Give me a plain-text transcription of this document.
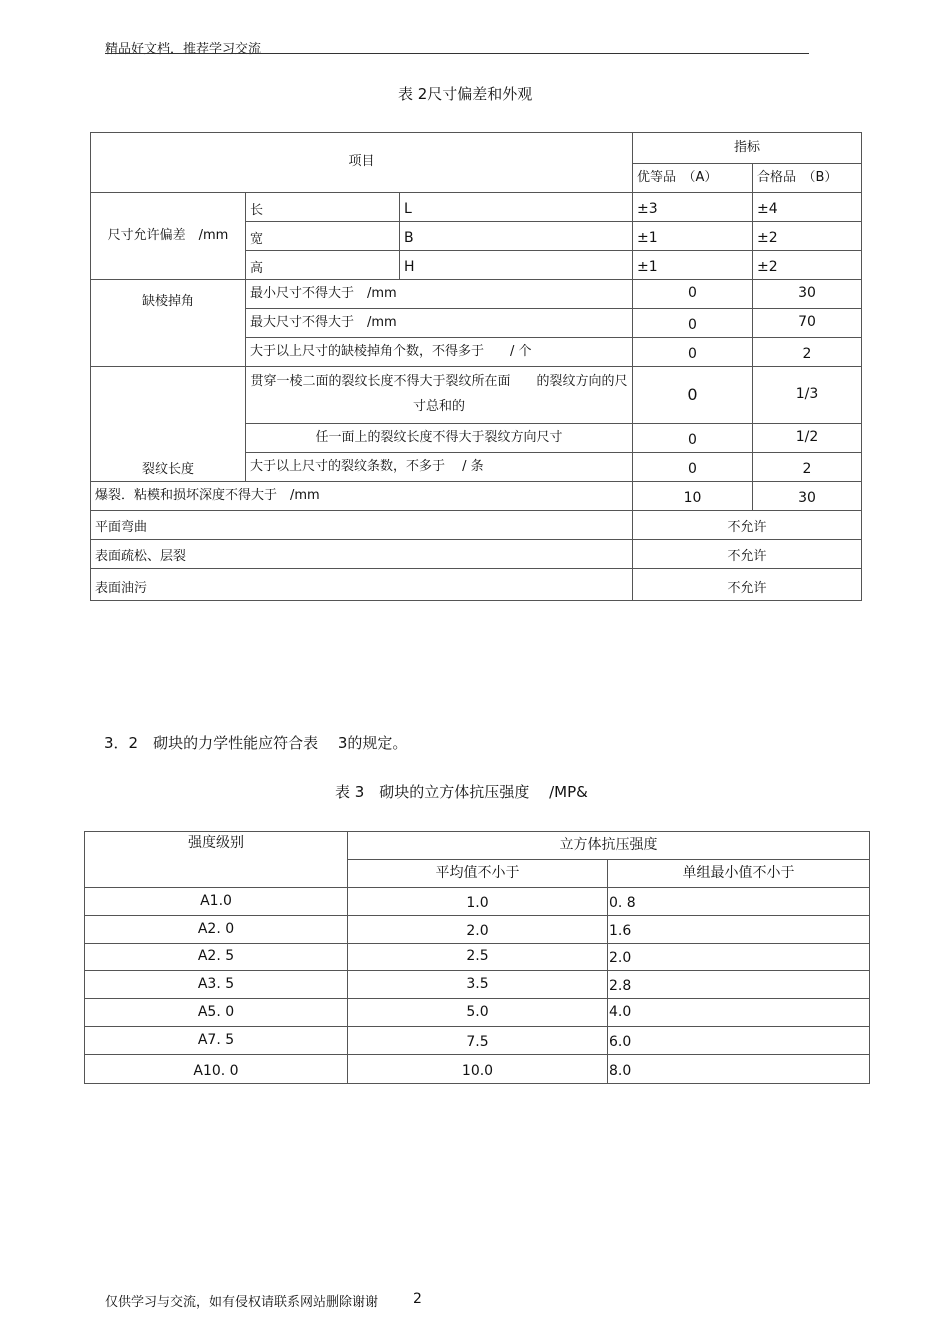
精品好文档．推荐学习交流
表 2尺寸偏差和外观
项目			指标	
			优等品　（A）	合格品　（B）
尺寸允许偏差　/mm	长	L	±3	±4
	宽	B	±1	±2
	高	H	±1	±2
缺棱掉角	最小尺寸不得大于　/mm		0	30
	最大尺寸不得大于　/mm		0	70
	大于以上尺寸的缺棱掉角个数，不得多于　　/ 个		0	2
裂纹长度	贯穿一棱二面的裂纹长度不得大于裂纹所在面　　的裂纹方向的尺寸总和的		0	1/3
	任一面上的裂纹长度不得大于裂纹方向尺寸		0	1/2
	大于以上尺寸的裂纹条数，不多于　 / 条		0	2
爆裂．粘模和损坏深度不得大于　/mm			10	30
平面弯曲			不允许	
表面疏松、层裂			不允许	
表面油污			不允许	
3．2　砌块的力学性能应符合表　 3的规定。
表 3　砌块的立方体抗压强度　 /MP&
强度级别	立方体抗压强度	
	平均值不小于	单组最小值不小于
A1.0	1.0	0. 8
A2. 0	2.0	1.6
A2. 5	2.5	2.0
A3. 5	3.5	2.8
A5. 0	5.0	4.0
A7. 5	7.5	6.0
A10. 0	10.0	8.0
仅供学习与交流，如有侵权请联系网站删除谢谢 2
